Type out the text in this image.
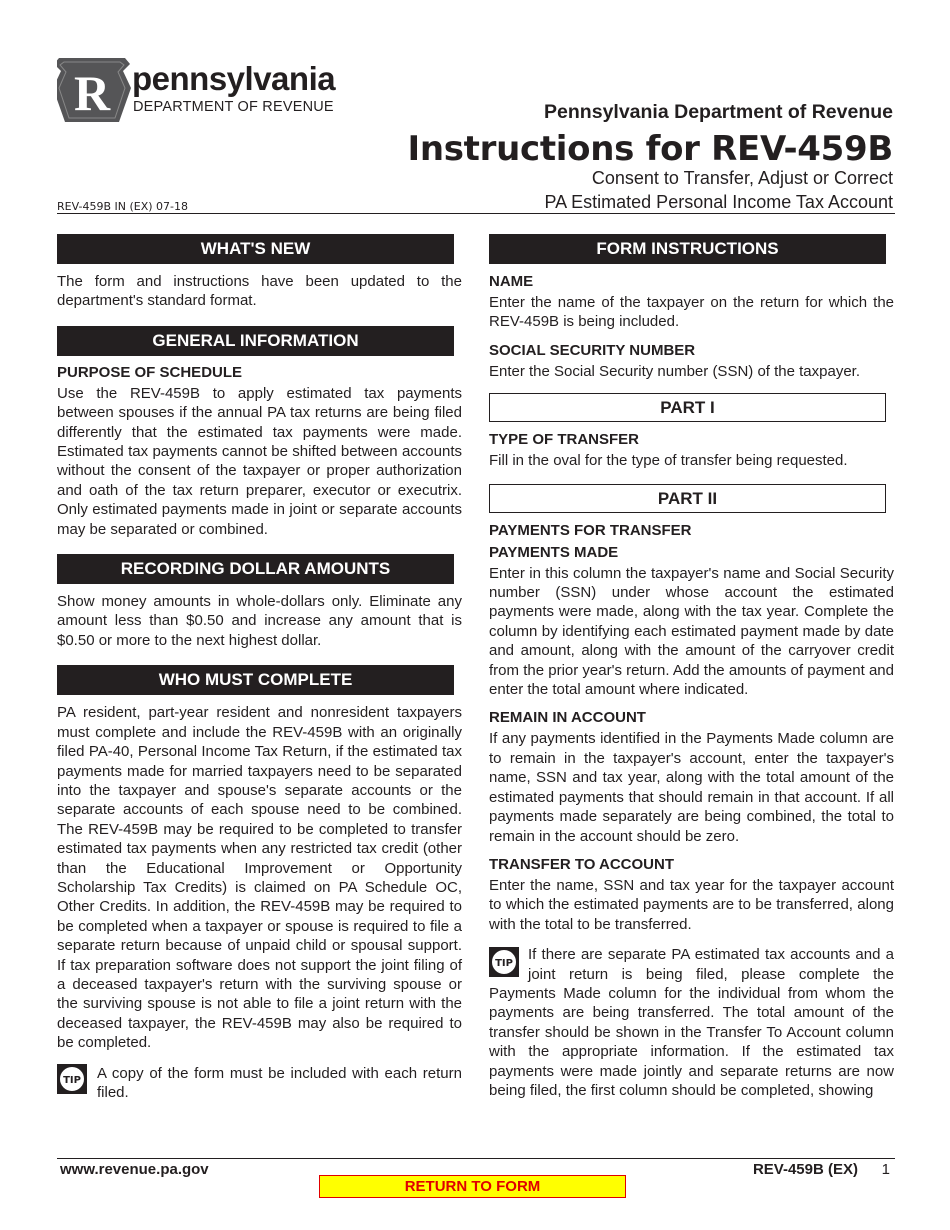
R pennsylvania
DEPARTMENT OF REVENUE	Pennsylvania Department of Revenue
Instructions for REV-459B
Consent to Transfer, Adjust or Correct
PA Estimated Personal Income Tax Account
REV-459B IN (EX) 07-18
WHAT'S NEW
The form and instructions have been updated to the department's standard format.
GENERAL INFORMATION
PURPOSE OF SCHEDULE
Use the REV-459B to apply estimated tax payments between spouses if the annual PA tax returns are being filed differently that the estimated tax payments were made. Estimated tax payments cannot be shifted between accounts without the consent of the taxpayer or proper authorization and oath of the tax return preparer, executor or executrix. Only estimated payments made in joint or separate accounts may be separated or combined.
RECORDING DOLLAR AMOUNTS
Show money amounts in whole-dollars only. Eliminate any amount less than $0.50 and increase any amount that is $0.50 or more to the next highest dollar.
WHO MUST COMPLETE
PA resident, part-year resident and nonresident taxpayers must complete and include the REV-459B with an originally filed PA-40, Personal Income Tax Return, if the estimated tax payments made for married taxpayers need to be separated into the taxpayer and spouse's separate accounts or the separate accounts of each spouse need to be combined. The REV-459B may be required to be completed to transfer estimated tax payments when any restricted tax credit (other than the Educational Improvement or Opportunity Scholarship Tax Credits) is claimed on PA Schedule OC, Other Credits. In addition, the REV-459B may be required to be completed when a taxpayer or spouse is required to file a separate return because of unpaid child or spousal support. If tax preparation software does not support the joint filing of a deceased taxpayer's return with the surviving spouse or the surviving spouse is not able to file a joint return with the deceased taxpayer, the REV-459B may also be required to be completed.
TIP A copy of the form must be included with each return filed.
FORM INSTRUCTIONS
NAME
Enter the name of the taxpayer on the return for which the REV-459B is being included.
SOCIAL SECURITY NUMBER
Enter the Social Security number (SSN) of the taxpayer.
PART I
TYPE OF TRANSFER
Fill in the oval for the type of transfer being requested.
PART II
PAYMENTS FOR TRANSFER
PAYMENTS MADE
Enter in this column the taxpayer's name and Social Security number (SSN) under whose account the estimated payments were made, along with the tax year. Complete the column by identifying each estimated payment made by date and amount, along with the amount of the carryover credit from the prior year's return. Add the amounts of payment and enter the total amount where indicated.
REMAIN IN ACCOUNT
If any payments identified in the Payments Made column are to remain in the taxpayer's account, enter the taxpayer's name, SSN and tax year, along with the total amount of the estimated payments that should remain in that account. If all payments made separately are being combined, the total to remain in the account should be zero.
TRANSFER TO ACCOUNT
Enter the name, SSN and tax year for the taxpayer account to which the estimated payments are to be transferred, along with the total to be transferred.
TIP
If there are separate PA estimated tax accounts and a joint return is being filed, please complete the Payments Made column for the individual from whom the payments are being transferred. The total amount of the transfer should be shown in the Transfer To Account column with the appropriate information. If the estimated tax payments were made jointly and separate returns are now being filed, the first column should be completed, showing
www.revenue.pa.gov	REV-459B (EX) 1
RETURN TO FORM
